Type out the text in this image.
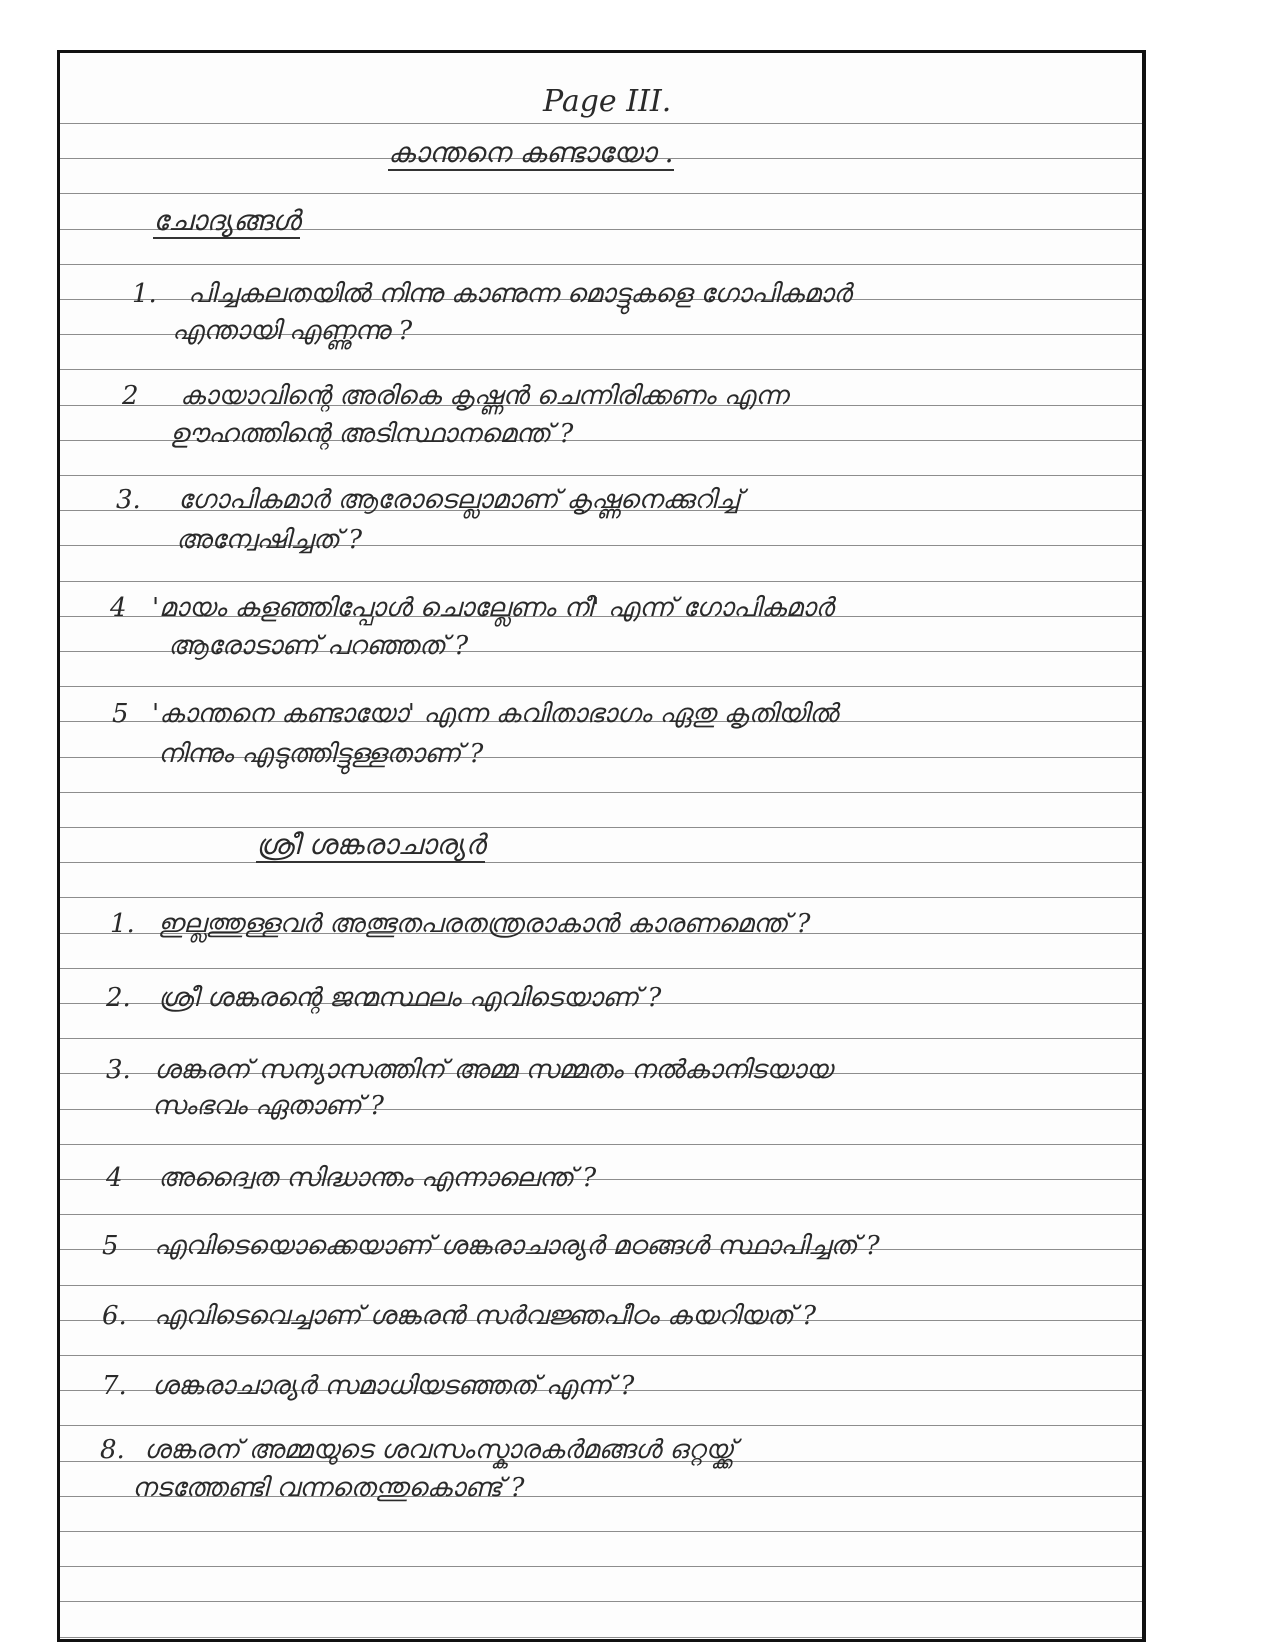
Page III.
കാന്തനെ കണ്ടായോ .
ചോദ്യങ്ങൾ
1. പിച്ചകലതയിൽ നിന്നു കാണുന്ന മൊട്ടുകളെ ഗോപികമാർ
എന്തായി എണ്ണുന്നു ?
2 കായാവിന്റെ അരികെ കൃഷ്ണൻ ചെന്നിരിക്കണം എന്ന
ഊഹത്തിന്റെ അടിസ്ഥാനമെന്ത് ?
3. ഗോപികമാർ ആരോടെല്ലാമാണ് കൃഷ്ണനെക്കുറിച്ച്
അന്വേഷിച്ചത് ?
4 'മായം കളഞ്ഞിപ്പോൾ ചൊല്ലേണം നീ' എന്ന് ഗോപികമാർ
ആരോടാണ് പറഞ്ഞത് ?
5 'കാന്തനെ കണ്ടായോ' എന്ന കവിതാഭാഗം ഏതു കൃതിയിൽ
നിന്നും എടുത്തിട്ടുള്ളതാണ് ?
ശ്രീ ശങ്കരാചാര്യർ
1. ഇല്ലത്തുള്ളവർ അത്ഭുതപരതന്ത്രരാകാൻ കാരണമെന്ത് ?
2. ശ്രീ ശങ്കരന്റെ ജന്മസ്ഥലം എവിടെയാണ് ?
3. ശങ്കരന് സന്യാസത്തിന് അമ്മ സമ്മതം നൽകാനിടയായ
സംഭവം ഏതാണ് ?
4 അദ്വൈത സിദ്ധാന്തം എന്നാലെന്ത് ?
5 എവിടെയൊക്കെയാണ് ശങ്കരാചാര്യർ മഠങ്ങൾ സ്ഥാപിച്ചത് ?
6. എവിടെവെച്ചാണ് ശങ്കരൻ സർവജ്ഞപീഠം കയറിയത് ?
7. ശങ്കരാചാര്യർ സമാധിയടഞ്ഞത് എന്ന് ?
8. ശങ്കരന് അമ്മയുടെ ശവസംസ്കാരകർമങ്ങൾ ഒറ്റയ്ക്ക്
നടത്തേണ്ടി വന്നതെന്തുകൊണ്ട് ?
